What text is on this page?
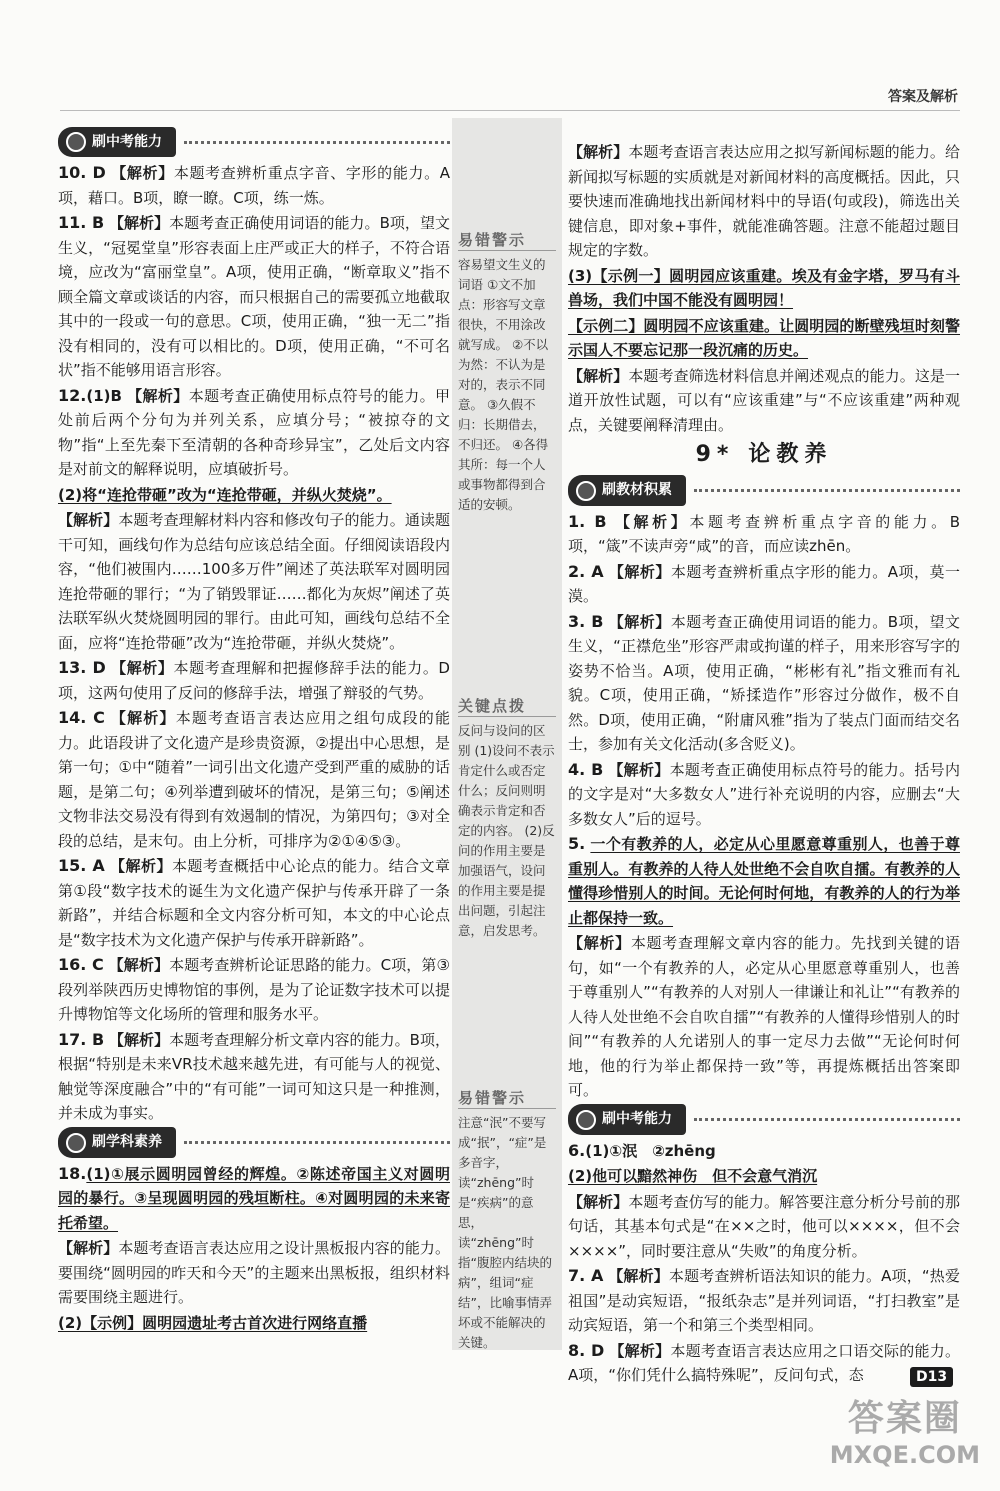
答案及解析
刷中考能力

10. D 【解析】本题考查辨析重点字音、字形的能力。A项，藉口。B项，瞭一瞭。C项，练一炼。

11. B 【解析】本题考查正确使用词语的能力。B项，望文生义，“冠冕堂皇”形容表面上庄严或正大的样子，不符合语境，应改为“富丽堂皇”。A项，使用正确，“断章取义”指不顾全篇文章或谈话的内容，而只根据自己的需要孤立地截取其中的一段或一句的意思。C项，使用正确，“独一无二”指没有相同的，没有可以相比的。D项，使用正确，“不可名状”指不能够用语言形容。

12.(1)B 【解析】本题考查正确使用标点符号的能力。甲处前后两个分句为并列关系，应填分号；“被掠夺的文物”指“上至先秦下至清朝的各种奇珍异宝”，乙处后文内容是对前文的解释说明，应填破折号。

(2)将“连抢带砸”改为“连抢带砸，并纵火焚烧”。

【解析】本题考查理解材料内容和修改句子的能力。通读题干可知，画线句作为总结句应该总结全面。仔细阅读语段内容，“他们被围内……100多万件”阐述了英法联军对圆明园连抢带砸的罪行；“为了销毁罪证……都化为灰烬”阐述了英法联军纵火焚烧圆明园的罪行。由此可知，画线句总结不全面，应将“连抢带砸”改为“连抢带砸，并纵火焚烧”。

13. D 【解析】本题考查理解和把握修辞手法的能力。D项，这两句使用了反问的修辞手法，增强了辩驳的气势。

14. C 【解析】本题考查语言表达应用之组句成段的能力。此语段讲了文化遗产是珍贵资源，②提出中心思想，是第一句；①中“随着”一词引出文化遗产受到严重的威胁的话题，是第二句；④列举遭到破坏的情况，是第三句；⑤阐述文物非法交易没有得到有效遏制的情况，为第四句；③对全段的总结，是末句。由上分析，可排序为②①④⑤③。

15. A 【解析】本题考查概括中心论点的能力。结合文章第①段“数字技术的诞生为文化遗产保护与传承开辟了一条新路”，并结合标题和全文内容分析可知，本文的中心论点是“数字技术为文化遗产保护与传承开辟新路”。

16. C 【解析】本题考查辨析论证思路的能力。C项，第③段列举陕西历史博物馆的事例，是为了论证数字技术可以提升博物馆等文化场所的管理和服务水平。

17. B 【解析】本题考查理解分析文章内容的能力。B项，根据“特别是未来VR技术越来越先进，有可能与人的视觉、触觉等深度融合”中的“有可能”一词可知这只是一种推测，并未成为事实。

刷学科素养

18.(1)①展示圆明园曾经的辉煌。②陈述帝国主义对圆明园的暴行。③呈现圆明园的残垣断柱。④对圆明园的未来寄托希望。

【解析】本题考查语言表达应用之设计黑板报内容的能力。要围绕“圆明园的昨天和今天”的主题来出黑板报，组织材料需要围绕主题进行。

(2)【示例】圆明园遗址考古首次进行网络直播

易错警示
容易望文生义的词语 ①文不加点：形容写文章很快，不用涂改就写成。 ②不以为然：不认为是对的，表示不同意。 ③久假不归：长期借去，不归还。 ④各得其所：每一个人或事物都得到合适的安顿。
关键点拨
反问与设问的区别 (1)设问不表示肯定什么或否定什么；反问则明确表示肯定和否定的内容。 (2)反问的作用主要是加强语气，设问的作用主要是提出问题，引起注意，启发思考。
易错警示
注意“泯”不要写成“抿”，“症”是多音字，读“zhēng”时是“疾病”的意思，读“zhēng”时指“腹腔内结块的病”，组词“症结”，比喻事情弄坏或不能解决的关键。

【解析】本题考查语言表达应用之拟写新闻标题的能力。给新闻拟写标题的实质就是对新闻材料的高度概括。因此，只要快速而准确地找出新闻材料中的导语(句或段)，筛选出关键信息，即对象+事件，就能准确答题。注意不能超过题目规定的字数。

(3)【示例一】圆明园应该重建。埃及有金字塔，罗马有斗兽场，我们中国不能没有圆明园！

【示例二】圆明园不应该重建。让圆明园的断壁残垣时刻警示国人不要忘记那一段沉痛的历史。

【解析】本题考查筛选材料信息并阐述观点的能力。这是一道开放性试题，可以有“应该重建”与“不应该重建”两种观点，关键要阐释清理由。

9* 论教养
刷教材积累

1. B 【解析】本题考查辨析重点字音的能力。B项，“箴”不读声旁“咸”的音，而应读zhēn。

2. A 【解析】本题考查辨析重点字形的能力。A项，莫一漠。

3. B 【解析】本题考查正确使用词语的能力。B项，望文生义，“正襟危坐”形容严肃或拘谨的样子，用来形容写字的姿势不恰当。A项，使用正确，“彬彬有礼”指文雅而有礼貌。C项，使用正确，“矫揉造作”形容过分做作，极不自然。D项，使用正确，“附庸风雅”指为了装点门面而结交名士，参加有关文化活动(多含贬义)。

4. B 【解析】本题考查正确使用标点符号的能力。括号内的文字是对“大多数女人”进行补充说明的内容，应删去“大多数女人”后的逗号。

5. 一个有教养的人，必定从心里愿意尊重别人，也善于尊重别人。有教养的人待人处世绝不会自吹自擂。有教养的人懂得珍惜别人的时间。无论何时何地，有教养的人的行为举止都保持一致。

【解析】本题考查理解文章内容的能力。先找到关键的语句，如“一个有教养的人，必定从心里愿意尊重别人，也善于尊重别人”“有教养的人对别人一律谦让和礼让”“有教养的人待人处世绝不会自吹自擂”“有教养的人懂得珍惜别人的时间”“有教养的人允诺别人的事一定尽力去做”“无论何时何地，他的行为举止都保持一致”等，再提炼概括出答案即可。

刷中考能力

6.(1)①泯　②zhēng

(2)他可以黯然神伤　但不会意气消沉

【解析】本题考查仿写的能力。解答要注意分析分号前的那句话，其基本句式是“在××之时，他可以××××，但不会××××”，同时要注意从“失败”的角度分析。

7. A 【解析】本题考查辨析语法知识的能力。A项，“热爱祖国”是动宾短语，“报纸杂志”是并列词语，“打扫教室”是动宾短语，第一个和第三个类型相同。

8. D 【解析】本题考查语言表达应用之口语交际的能力。A项，“你们凭什么搞特殊呢”，反问句式，态	D13
答案圈
MXQE.COM
